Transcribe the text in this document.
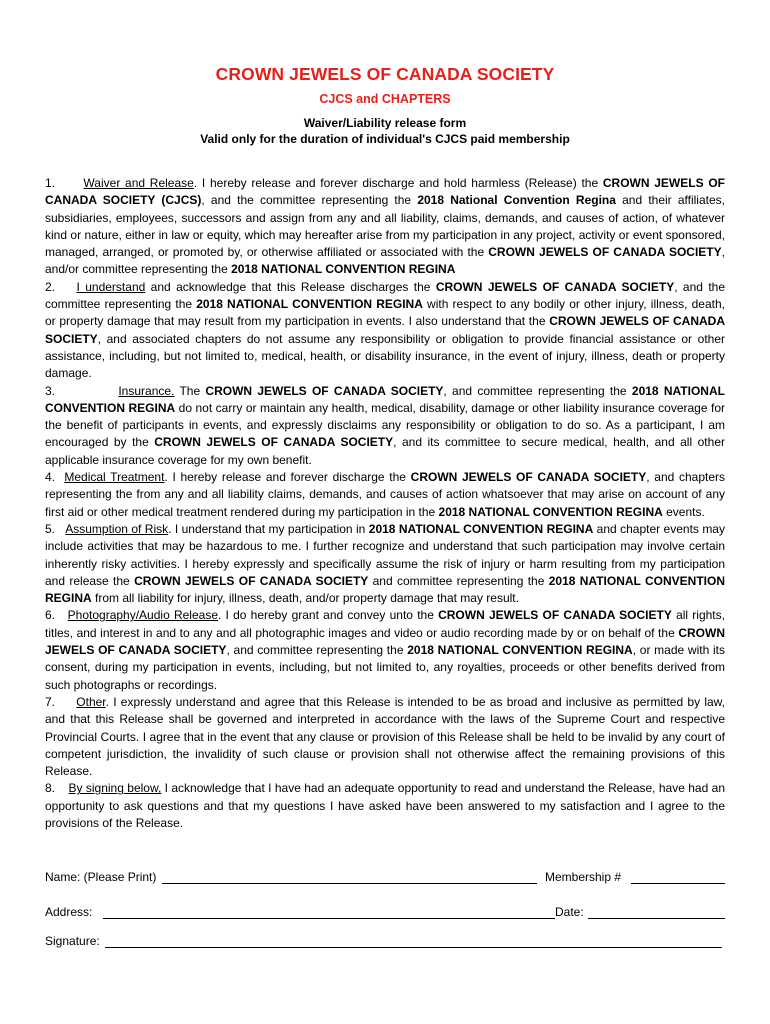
CROWN JEWELS OF CANADA SOCIETY
CJCS and CHAPTERS
Waiver/Liability release form
Valid only for the duration of individual's CJCS paid membership

1. Waiver and Release. I hereby release and forever discharge and hold harmless (Release) the CROWN JEWELS OF CANADA SOCIETY (CJCS), and the committee representing the 2018 National Convention Regina and their affiliates, subsidiaries, employees, successors and assign from any and all liability, claims, demands, and causes of action, of whatever kind or nature, either in law or equity, which may hereafter arise from my participation in any project, activity or event sponsored, managed, arranged, or promoted by, or otherwise affiliated or associated with the CROWN JEWELS OF CANADA SOCIETY, and/or committee representing the 2018 NATIONAL CONVENTION REGINA

2. I understand and acknowledge that this Release discharges the CROWN JEWELS OF CANADA SOCIETY, and the committee representing the 2018 NATIONAL CONVENTION REGINA with respect to any bodily or other injury, illness, death, or property damage that may result from my participation in events. I also understand that the CROWN JEWELS OF CANADA SOCIETY, and associated chapters do not assume any responsibility or obligation to provide financial assistance or other assistance, including, but not limited to, medical, health, or disability insurance, in the event of injury, illness, death or property damage.

3.	Insurance. The CROWN JEWELS OF CANADA SOCIETY, and committee representing the 2018 NATIONAL CONVENTION REGINA do not carry or maintain any health, medical, disability, damage or other liability insurance coverage for the benefit of participants in events, and expressly disclaims any responsibility or obligation to do so. As a participant, I am encouraged by the CROWN JEWELS OF CANADA SOCIETY, and its committee to secure medical, health, and all other applicable insurance coverage for my own benefit.

4. Medical Treatment. I hereby release and forever discharge the CROWN JEWELS OF CANADA SOCIETY, and chapters representing the from any and all liability claims, demands, and causes of action whatsoever that may arise on account of any first aid or other medical treatment rendered during my participation in the 2018 NATIONAL CONVENTION REGINA events.

5. Assumption of Risk. I understand that my participation in 2018 NATIONAL CONVENTION REGINA and chapter events may include activities that may be hazardous to me. I further recognize and understand that such participation may involve certain inherently risky activities. I hereby expressly and specifically assume the risk of injury or harm resulting from my participation and release the CROWN JEWELS OF CANADA SOCIETY and committee representing the 2018 NATIONAL CONVENTION REGINA from all liability for injury, illness, death, and/or property damage that may result.

6. Photography/Audio Release. I do hereby grant and convey unto the CROWN JEWELS OF CANADA SOCIETY all rights, titles, and interest in and to any and all photographic images and video or audio recording made by or on behalf of the CROWN JEWELS OF CANADA SOCIETY, and committee representing the 2018 NATIONAL CONVENTION REGINA, or made with its consent, during my participation in events, including, but not limited to, any royalties, proceeds or other benefits derived from such photographs or recordings.

7. Other. I expressly understand and agree that this Release is intended to be as broad and inclusive as permitted by law, and that this Release shall be governed and interpreted in accordance with the laws of the Supreme Court and respective Provincial Courts. I agree that in the event that any clause or provision of this Release shall be held to be invalid by any court of competent jurisdiction, the invalidity of such clause or provision shall not otherwise affect the remaining provisions of this Release.

8. By signing below, I acknowledge that I have had an adequate opportunity to read and understand the Release, have had an opportunity to ask questions and that my questions I have asked have been answered to my satisfaction and I agree to the provisions of the Release.

Name: (Please Print)	Membership #
Address:	Date:
Signature:
